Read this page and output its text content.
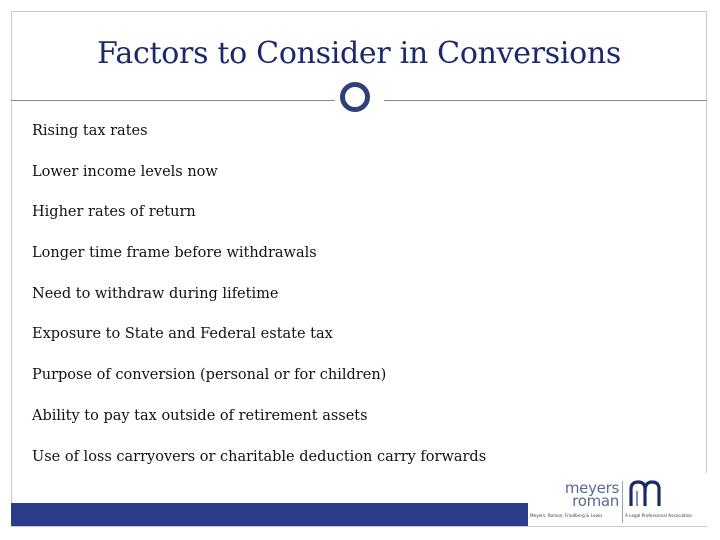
Factors to Consider in Conversions
Rising tax rates
Lower income levels now
Higher rates of return
Longer time frame before withdrawals
Need to withdraw during lifetime
Exposure to State and Federal estate tax
Purpose of conversion (personal or for children)
Ability to pay tax outside of retirement assets
Use of loss carryovers or charitable deduction carry forwards
meyers
roman
Meyers, Roman, Friedberg & Lewis	A Legal Professional Association
